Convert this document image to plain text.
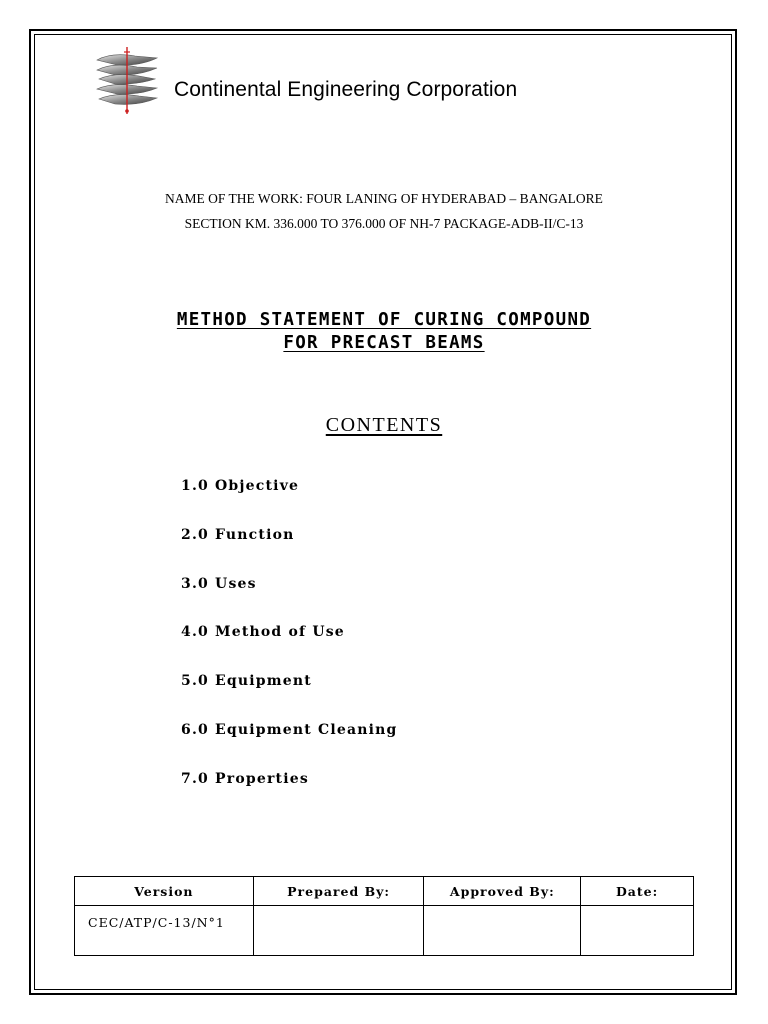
Continental Engineering Corporation
NAME OF THE WORK: FOUR LANING OF HYDERABAD – BANGALORE
SECTION KM. 336.000 TO 376.000 OF NH-7 PACKAGE-ADB-II/C-13
METHOD STATEMENT OF CURING COMPOUND
FOR PRECAST BEAMS
CONTENTS
1.0 Objective
2.0 Function
3.0 Uses
4.0 Method of Use
5.0 Equipment
6.0 Equipment Cleaning
7.0 Properties
Version	Prepared By:	Approved By:	Date:
CEC/ATP/C-13/N°1			
